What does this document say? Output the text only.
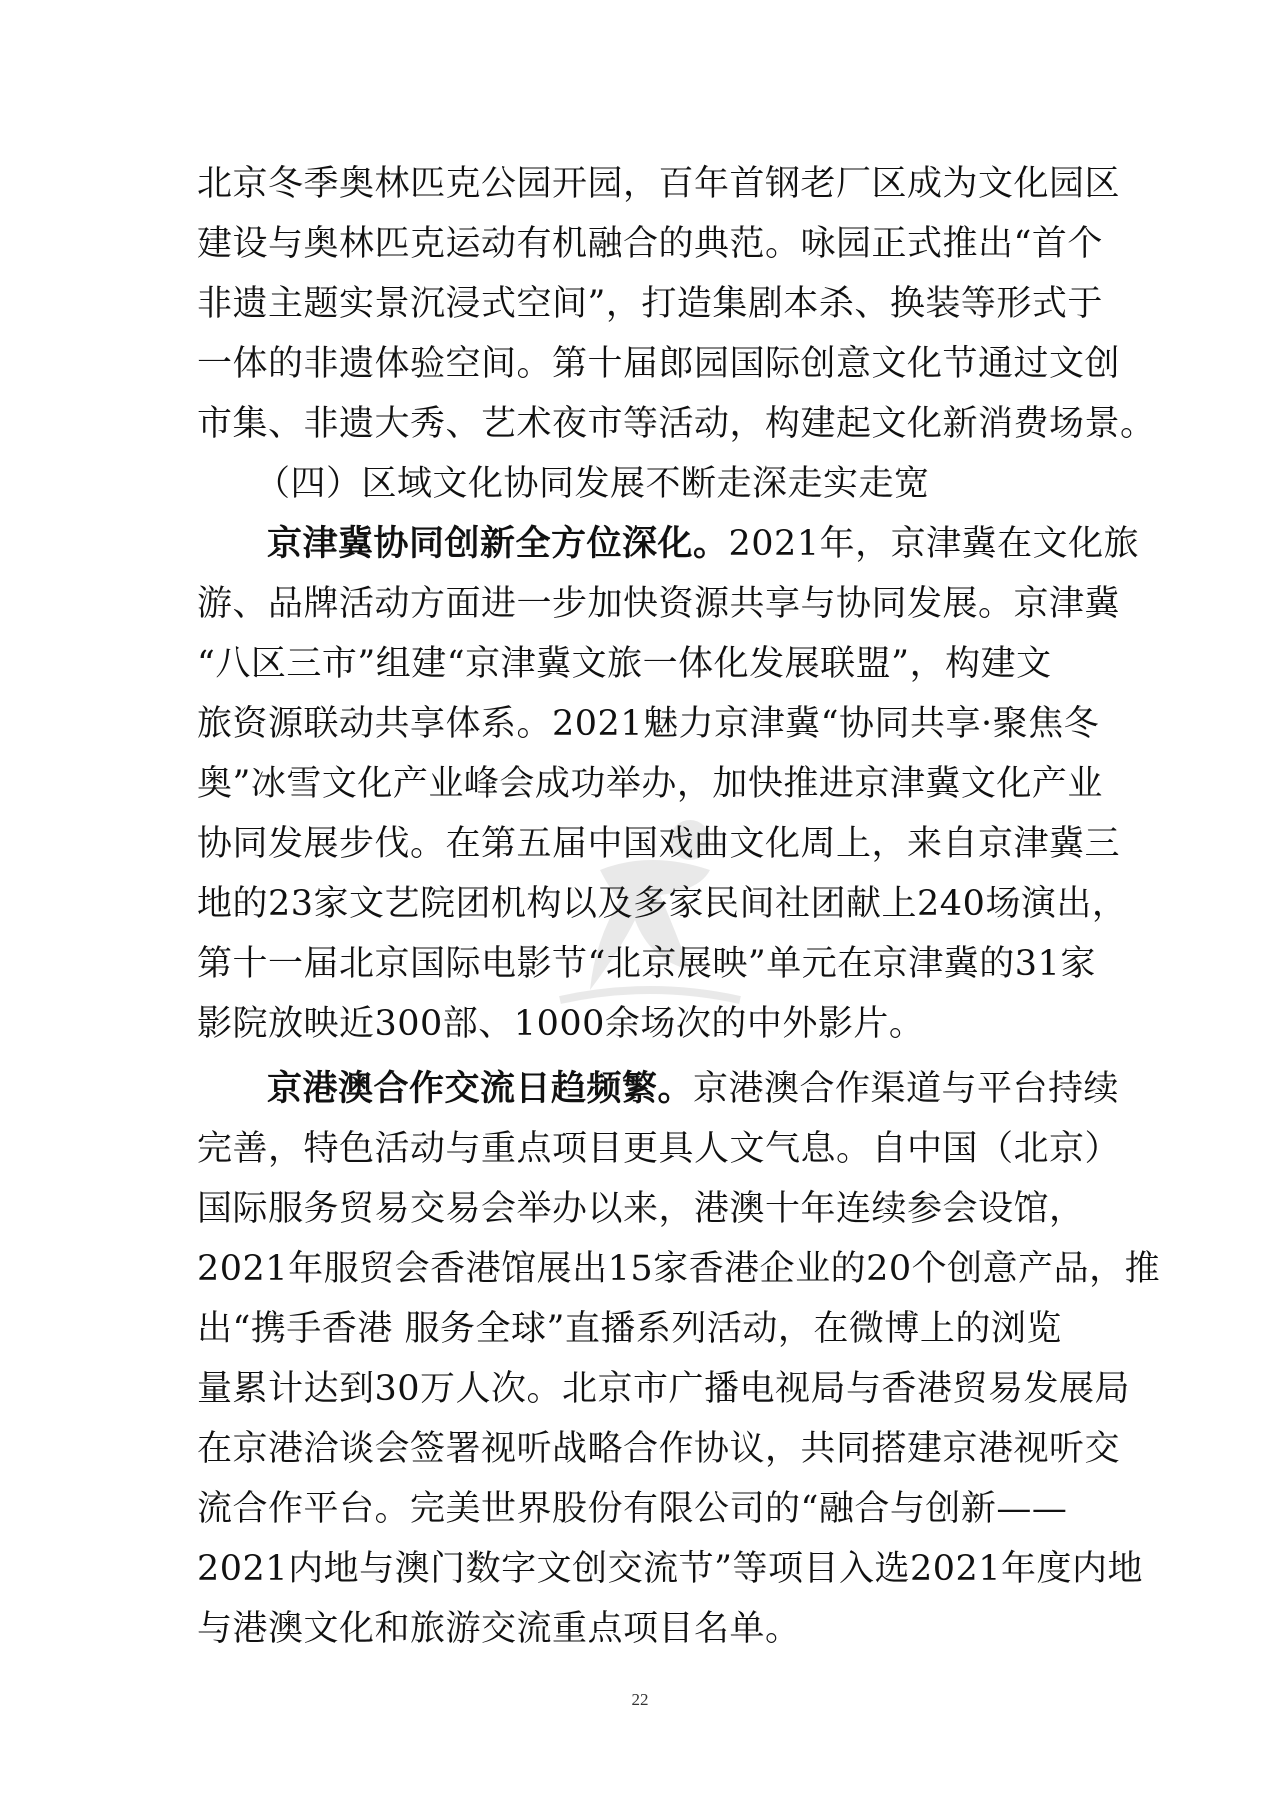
北京冬季奥林匹克公园开园，百年首钢老厂区成为文化园区
建设与奥林匹克运动有机融合的典范。咏园正式推出“首个
非遗主题实景沉浸式空间”，打造集剧本杀、换装等形式于
一体的非遗体验空间。第十届郎园国际创意文化节通过文创
市集、非遗大秀、艺术夜市等活动，构建起文化新消费场景。
（四）区域文化协同发展不断走深走实走宽
京津冀协同创新全方位深化。2021年，京津冀在文化旅
游、品牌活动方面进一步加快资源共享与协同发展。京津冀
“八区三市”组建“京津冀文旅一体化发展联盟”，构建文
旅资源联动共享体系。2021魅力京津冀“协同共享·聚焦冬
奥”冰雪文化产业峰会成功举办，加快推进京津冀文化产业
协同发展步伐。在第五届中国戏曲文化周上，来自京津冀三
地的23家文艺院团机构以及多家民间社团献上240场演出，
第十一届北京国际电影节“北京展映”单元在京津冀的31家
影院放映近300部、1000余场次的中外影片。
京港澳合作交流日趋频繁。京港澳合作渠道与平台持续
完善，特色活动与重点项目更具人文气息。自中国（北京）
国际服务贸易交易会举办以来，港澳十年连续参会设馆，
2021年服贸会香港馆展出15家香港企业的20个创意产品，推
出“携手香港 服务全球”直播系列活动，在微博上的浏览
量累计达到30万人次。北京市广播电视局与香港贸易发展局
在京港洽谈会签署视听战略合作协议，共同搭建京港视听交
流合作平台。完美世界股份有限公司的“融合与创新——
2021内地与澳门数字文创交流节”等项目入选2021年度内地
与港澳文化和旅游交流重点项目名单。
22
